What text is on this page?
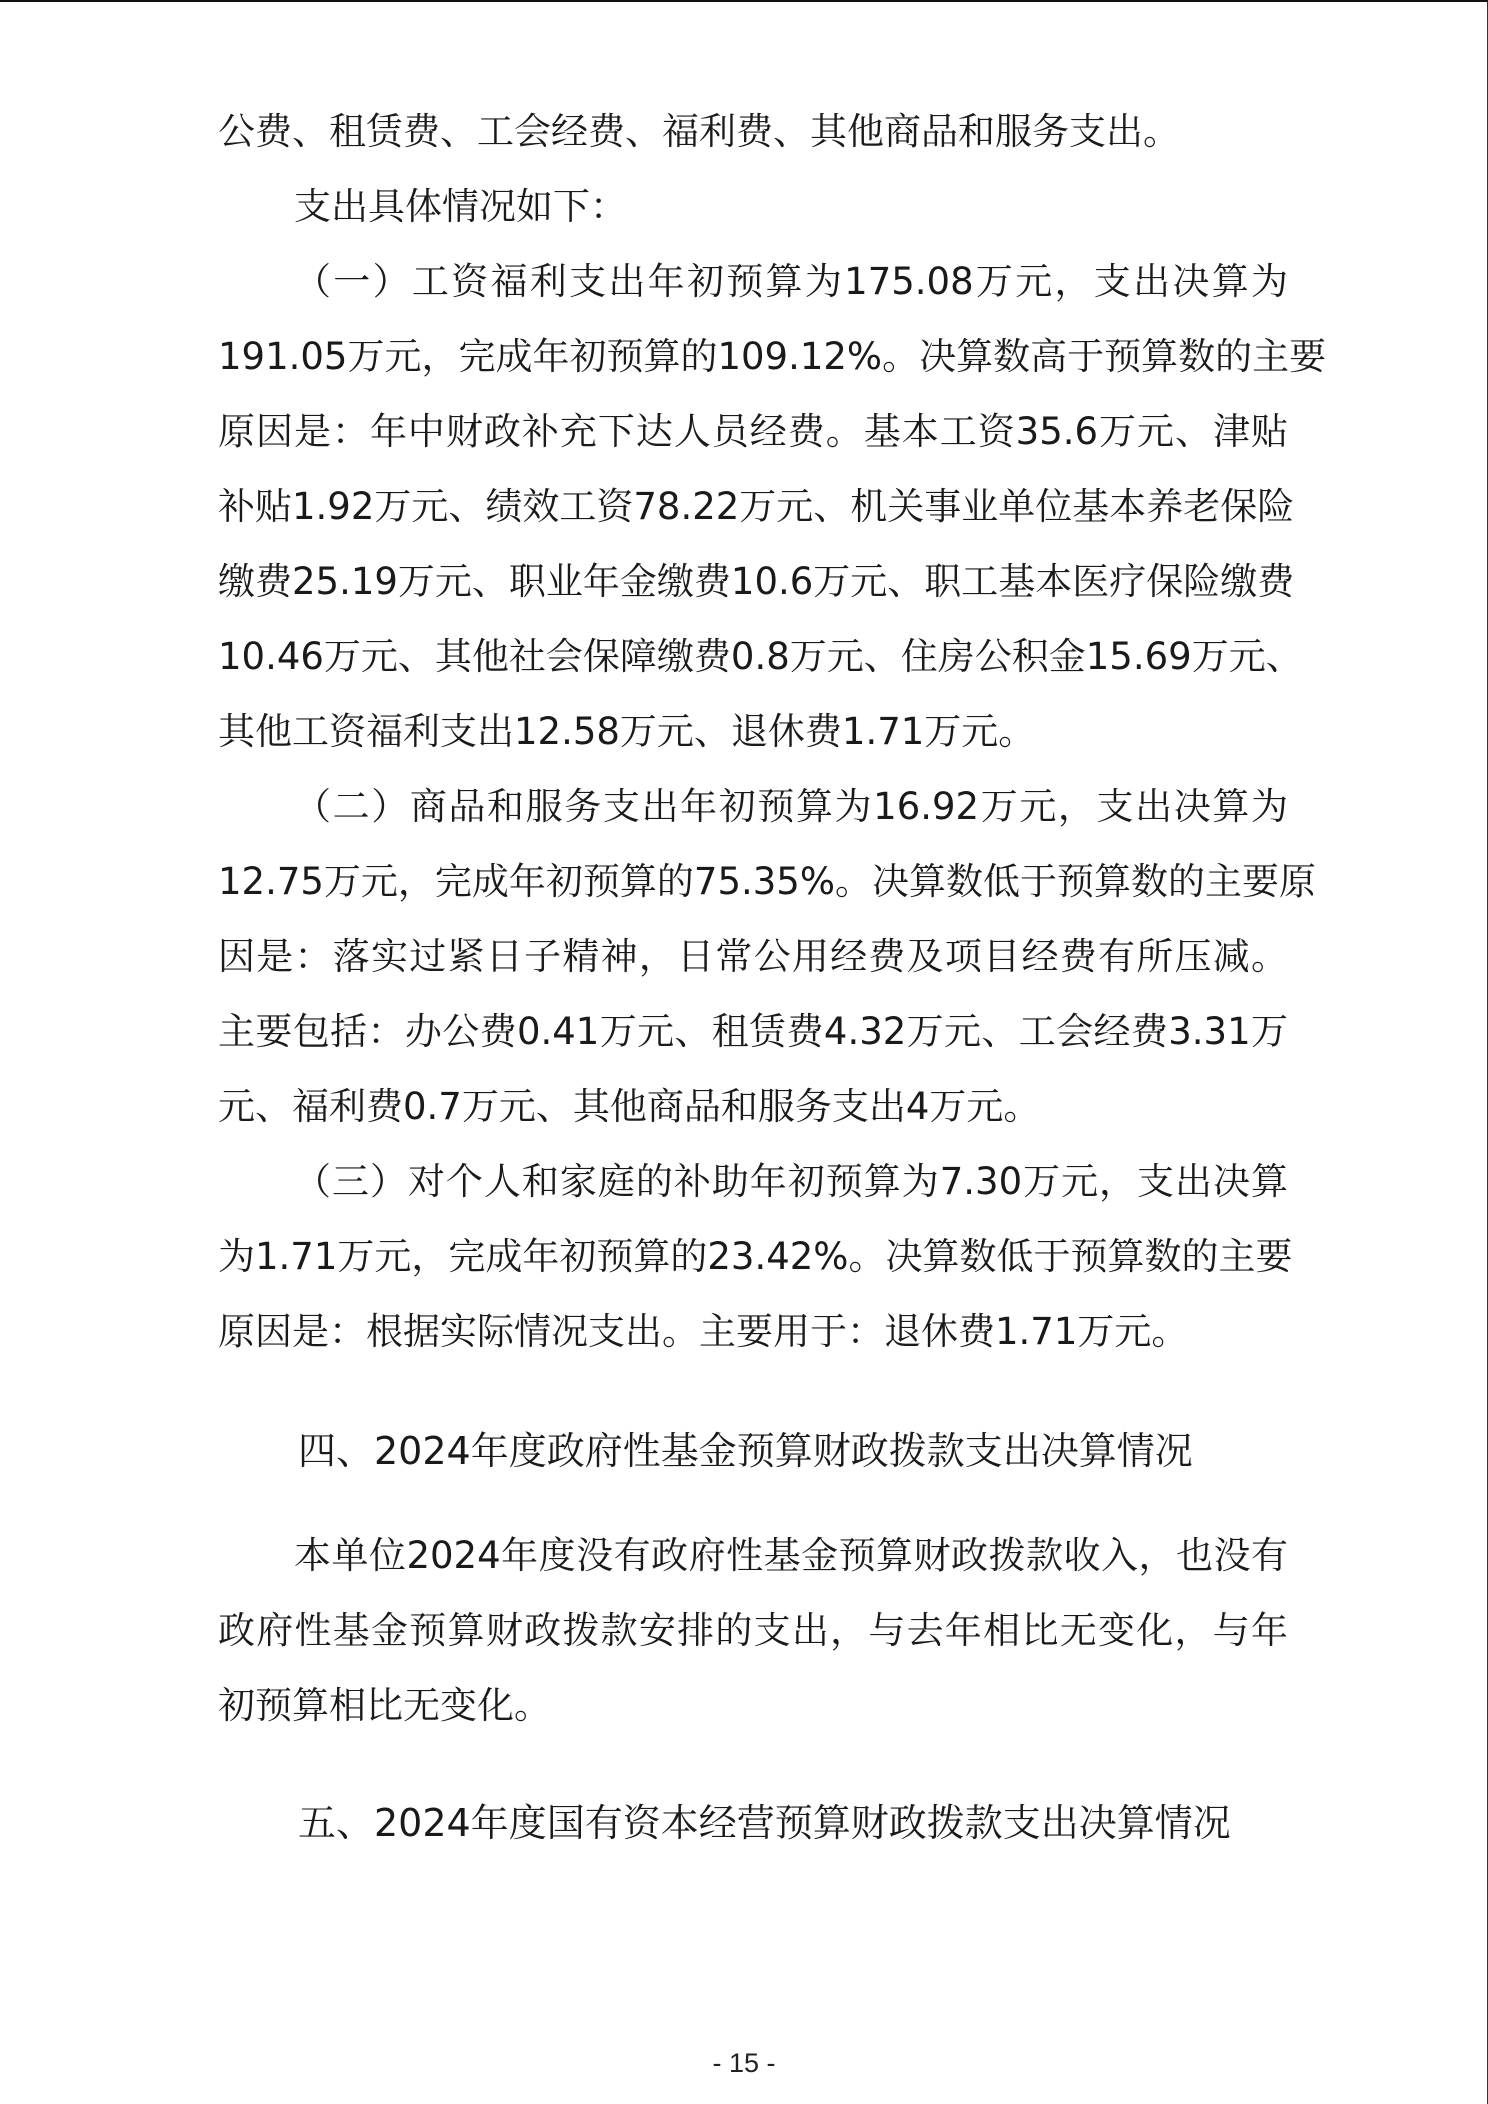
公费、租赁费、工会经费、福利费、其他商品和服务支出。
支出具体情况如下：
（一）工资福利支出年初预算为175.08万元，支出决算为
191.05万元，完成年初预算的109.12%。决算数高于预算数的主要
原因是：年中财政补充下达人员经费。基本工资35.6万元、津贴
补贴1.92万元、绩效工资78.22万元、机关事业单位基本养老保险
缴费25.19万元、职业年金缴费10.6万元、职工基本医疗保险缴费
10.46万元、其他社会保障缴费0.8万元、住房公积金15.69万元、
其他工资福利支出12.58万元、退休费1.71万元。
（二）商品和服务支出年初预算为16.92万元，支出决算为
12.75万元，完成年初预算的75.35%。决算数低于预算数的主要原
因是：落实过紧日子精神，日常公用经费及项目经费有所压减。
主要包括：办公费0.41万元、租赁费4.32万元、工会经费3.31万
元、福利费0.7万元、其他商品和服务支出4万元。
（三）对个人和家庭的补助年初预算为7.30万元，支出决算
为1.71万元，完成年初预算的23.42%。决算数低于预算数的主要
原因是：根据实际情况支出。主要用于：退休费1.71万元。
四、2024年度政府性基金预算财政拨款支出决算情况
本单位2024年度没有政府性基金预算财政拨款收入，也没有
政府性基金预算财政拨款安排的支出，与去年相比无变化，与年
初预算相比无变化。
五、2024年度国有资本经营预算财政拨款支出决算情况
- 15 -
